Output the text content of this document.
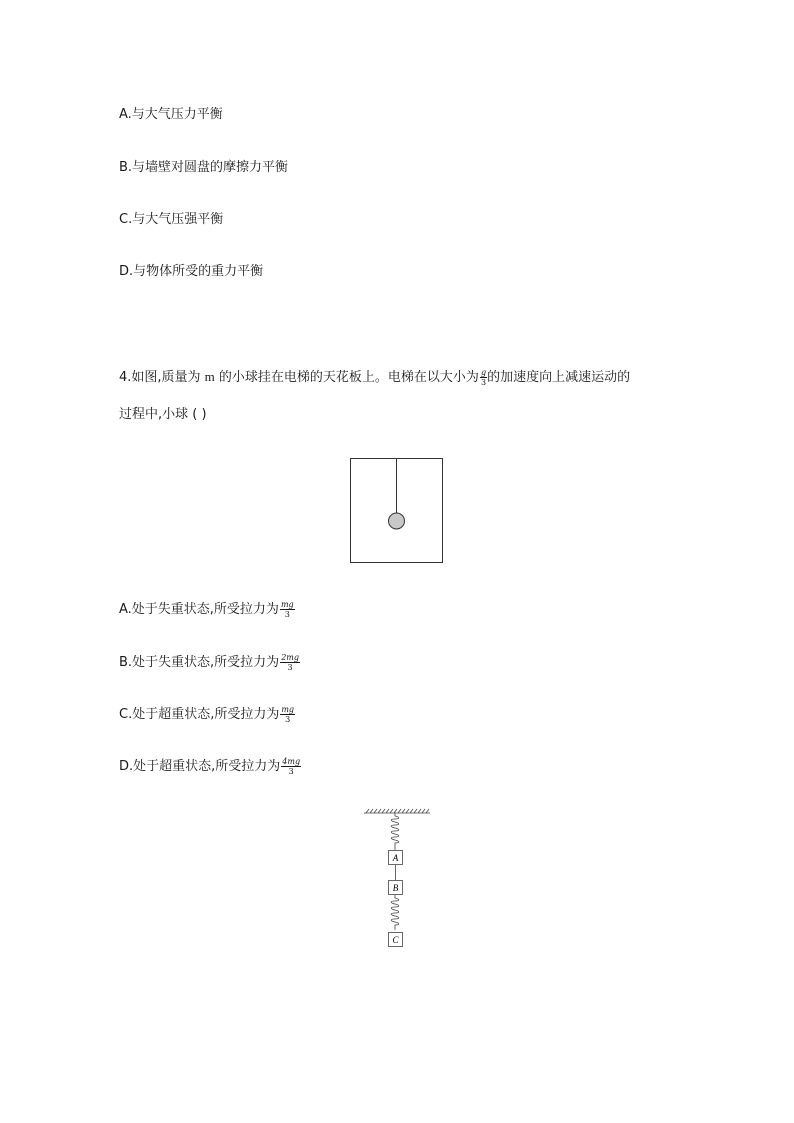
A.与大气压力平衡
B.与墙壁对圆盘的摩擦力平衡
C.与大气压强平衡
D.与物体所受的重力平衡
4.如图,质量为 m 的小球挂在电梯的天花板上。电梯在以大小为 $\frac{g}{3}$ 的加速度向上减速运动的
过程中,小球 ( )
A.处于失重状态,所受拉力为 $\frac{mg}{3}$
B.处于失重状态,所受拉力为 $\frac{2mg}{3}$
C.处于超重状态,所受拉力为 $\frac{mg}{3}$
D.处于超重状态,所受拉力为 $\frac{4mg}{3}$
A
B
C
